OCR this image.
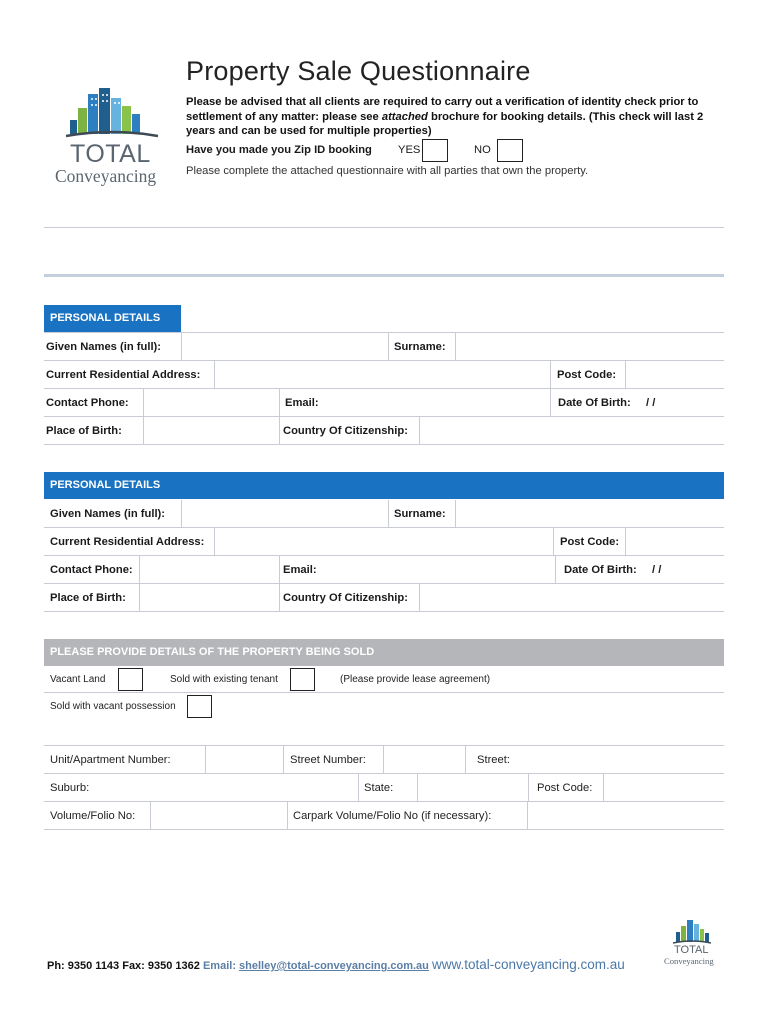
TOTAL
Conveyancing
Property Sale Questionnaire
Please be advised that all clients are required to carry out a verification of identity check prior to settlement of any matter: please see attached brochure for booking details. (This check will last 2 years and can be used for multiple properties)
Have you made you Zip ID booking YES	NO
Please complete the attached questionnaire with all parties that own the property.
PERSONAL DETAILS
Given Names (in full):	Surname:
Current Residential Address:	Post Code:
Contact Phone:	Email:	Date Of Birth: / /
Place of Birth:	Country Of Citizenship:
PERSONAL DETAILS
Given Names (in full):	Surname:
Current Residential Address:	Post Code:
Contact Phone:	Email:	Date Of Birth: / /
Place of Birth:	Country Of Citizenship:
PLEASE PROVIDE DETAILS OF THE PROPERTY BEING SOLD
Vacant Land	Sold with existing tenant	(Please provide lease agreement)
Sold with vacant possession
Unit/Apartment Number:	Street Number:	Street:
Suburb:	State:	Post Code:
Volume/Folio No:	Carpark Volume/Folio No (if necessary):
TOTAL
Conveyancing
Ph: 9350 1143 Fax: 9350 1362 Email: shelley@total-conveyancing.com.au www.total-conveyancing.com.au
